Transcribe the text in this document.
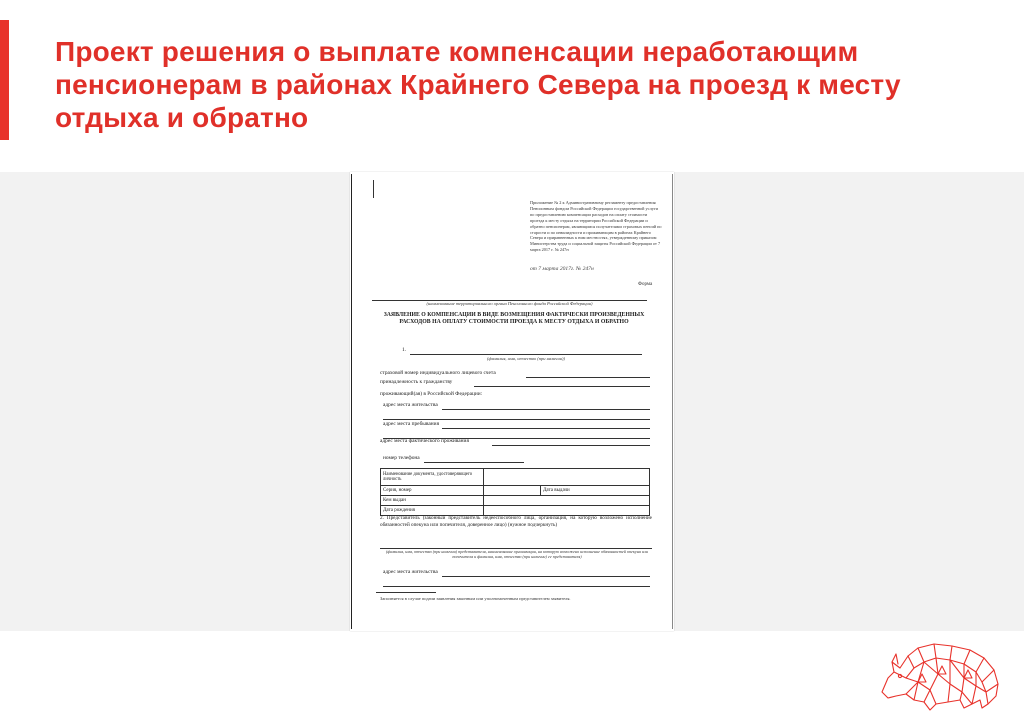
Проект решения о выплате компенсации неработающим пенсионерам в районах Крайнего Севера на проезд к месту отдыха и обратно
Приложение № 2 к Административному регламенту предоставления Пенсионным фондом Российской Федерации государственной услуги по предоставлению компенсации расходов на оплату стоимости проезда к месту отдыха на территории Российской Федерации и обратно пенсионерам, являющимся получателями страховых пенсий по старости и по инвалидности и проживающим в районах Крайнего Севера и приравненных к ним местностях, утвержденному приказом Министерства труда и социальной защиты Российской Федерации от 7 марта 2017 г. № 247н
от 7 марта 2017г. № 247н
Форма
(наименование территориального органа Пенсионного фонда Российской Федерации)
ЗАЯВЛЕНИЕ О КОМПЕНСАЦИИ В ВИДЕ ВОЗМЕЩЕНИЯ ФАКТИЧЕСКИ ПРОИЗВЕДЕННЫХ РАСХОДОВ НА ОПЛАТУ СТОИМОСТИ ПРОЕЗДА К МЕСТУ ОТДЫХА И ОБРАТНО
1.
(фамилия, имя, отчество (при наличии))
страховой номер индивидуального лицевого счета
принадлежность к гражданству
проживающий(ая) в Российской Федерации:
адрес места жительства
адрес места пребывания
адрес места фактического проживания
номер телефона
Наименование документа, удостоверяющего личность		
Серия, номер		Дата выдачи
Кем выдан		
Дата рождения		
2. Представитель (законный представитель недееспособного лица, организация, на которую возложено исполнение обязанностей опекуна или попечителя, доверенное лицо) (нужное подчеркнуть)
(фамилия, имя, отчество (при наличии) представителя, наименование организации, на которую возложено исполнение обязанностей опекуна или попечителя и фамилия, имя, отчество (при наличии) ее представителя)
адрес места жительства
Заполняется в случае подачи заявления законным или уполномоченным представителем заявителя.
